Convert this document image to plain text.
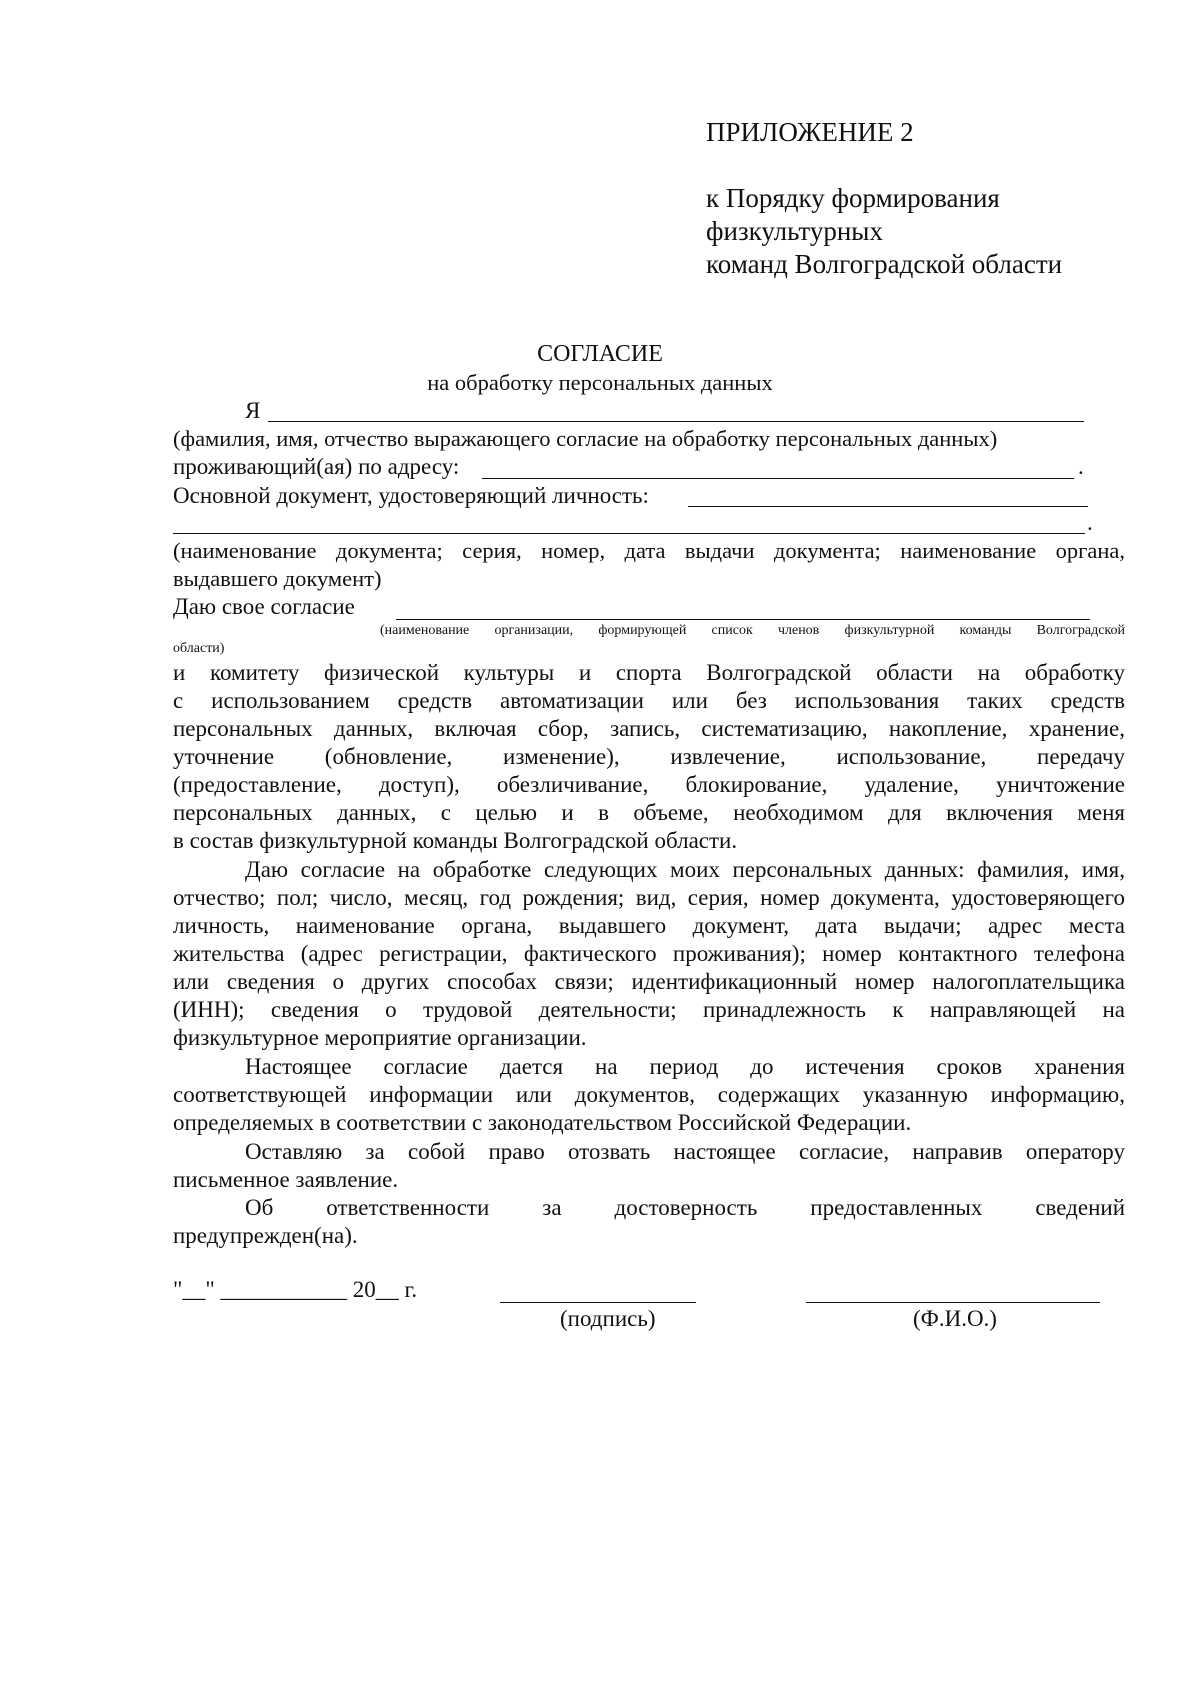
ПРИЛОЖЕНИЕ 2
к Порядку формирования
физкультурных
команд Волгоградской области
СОГЛАСИЕ
на обработку персональных данных
Я
(фамилия, имя, отчество выражающего согласие на обработку персональных данных)
проживающий(ая) по адресу:	.
Основной документ, удостоверяющий личность:
.
(наименование документа; серия, номер, дата выдачи документа; наименование органа,
выдавшего документ)
Даю свое согласие
(наименование организации, формирующей список членов физкультурной команды Волгоградской
области)
и комитету физической культуры и спорта Волгоградской области на обработку
с использованием средств автоматизации или без использования таких средств
персональных данных, включая сбор, запись, систематизацию, накопление, хранение,
уточнение (обновление, изменение), извлечение, использование, передачу
(предоставление, доступ), обезличивание, блокирование, удаление, уничтожение
персональных данных, с целью и в объеме, необходимом для включения меня
в состав физкультурной команды Волгоградской области.
Даю согласие на обработке следующих моих персональных данных: фамилия, имя,
отчество; пол; число, месяц, год рождения; вид, серия, номер документа, удостоверяющего
личность, наименование органа, выдавшего документ, дата выдачи; адрес места
жительства (адрес регистрации, фактического проживания); номер контактного телефона
или сведения о других способах связи; идентификационный номер налогоплательщика
(ИНН); сведения о трудовой деятельности; принадлежность к направляющей на
физкультурное мероприятие организации.
Настоящее согласие дается на период до истечения сроков хранения
соответствующей информации или документов, содержащих указанную информацию,
определяемых в соответствии с законодательством Российской Федерации.
Оставляю за собой право отозвать настоящее согласие, направив оператору
письменное заявление.
Об ответственности за достоверность предоставленных сведений
предупрежден(на).
"__" ___________ 20__ г.
(подпись)	(Ф.И.О.)
